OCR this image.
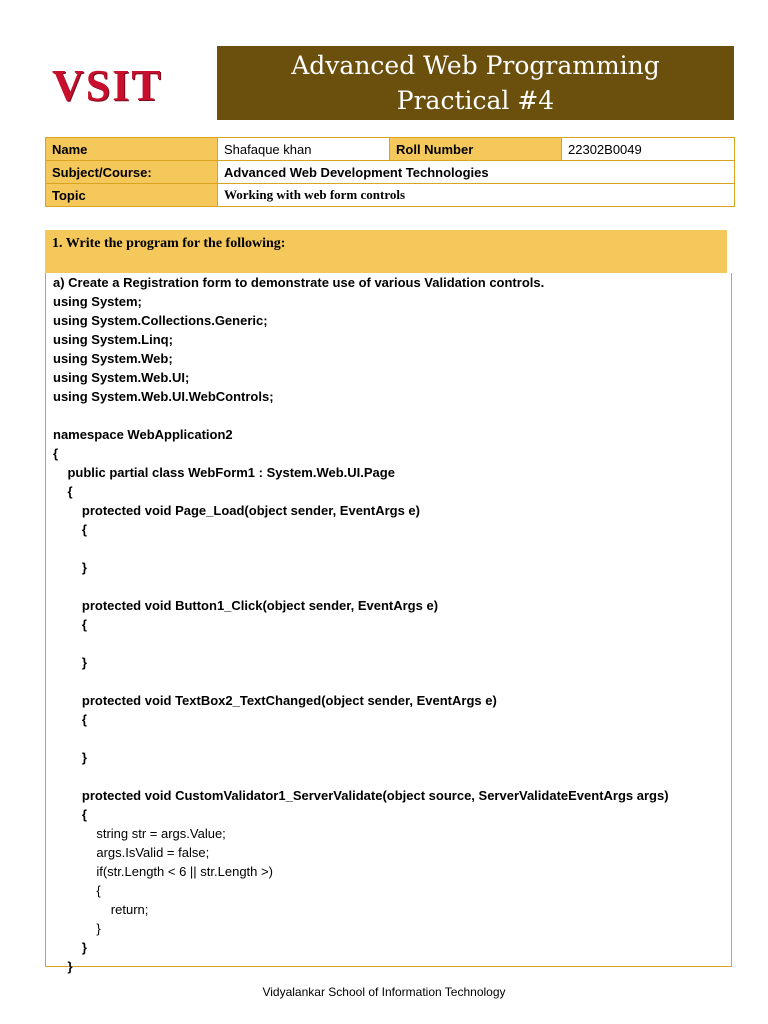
VSIT	Advanced Web Programming
Practical #4
Name	Shafaque khan	Roll Number	22302B0049
Subject/Course:	Advanced Web Development Technologies		
Topic	Working with web form controls		
1. Write the program for the following:
a) Create a Registration form to demonstrate use of various Validation controls.
using System;
using System.Collections.Generic;
using System.Linq;
using System.Web;
using System.Web.UI;
using System.Web.UI.WebControls;
namespace WebApplication2
{
public partial class WebForm1 : System.Web.UI.Page
{
protected void Page_Load(object sender, EventArgs e)
{
}
protected void Button1_Click(object sender, EventArgs e)
{
}
protected void TextBox2_TextChanged(object sender, EventArgs e)
{
}
protected void CustomValidator1_ServerValidate(object source, ServerValidateEventArgs args)
{
string str = args.Value;
args.IsValid = false;
if(str.Length < 6 || str.Length >)
{
return;
}
}
}
Vidyalankar School of Information Technology
